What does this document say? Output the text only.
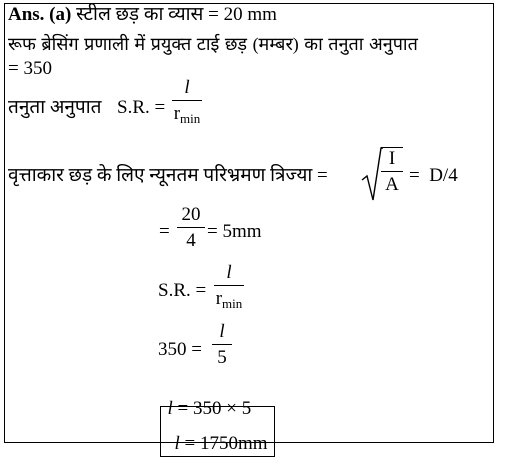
Ans. (a) स्टील छड़ का व्यास = 20 mm
रूफ ब्रेसिंग प्रणाली में प्रयुक्त टाई छड़ (मम्बर) का तनुता अनुपात
= 350
तनुता अनुपात S.R. =
l
$r_{min}$
वृत्ताकार छड़ के लिए न्यूनतम परिभ्रमण त्रिज्या =
I
A =  D/4
=
20
4 = 5mm
S.R. =
l
$r_{min}$
350 =
l
5

l = 350 × 5

l = 1750mm
